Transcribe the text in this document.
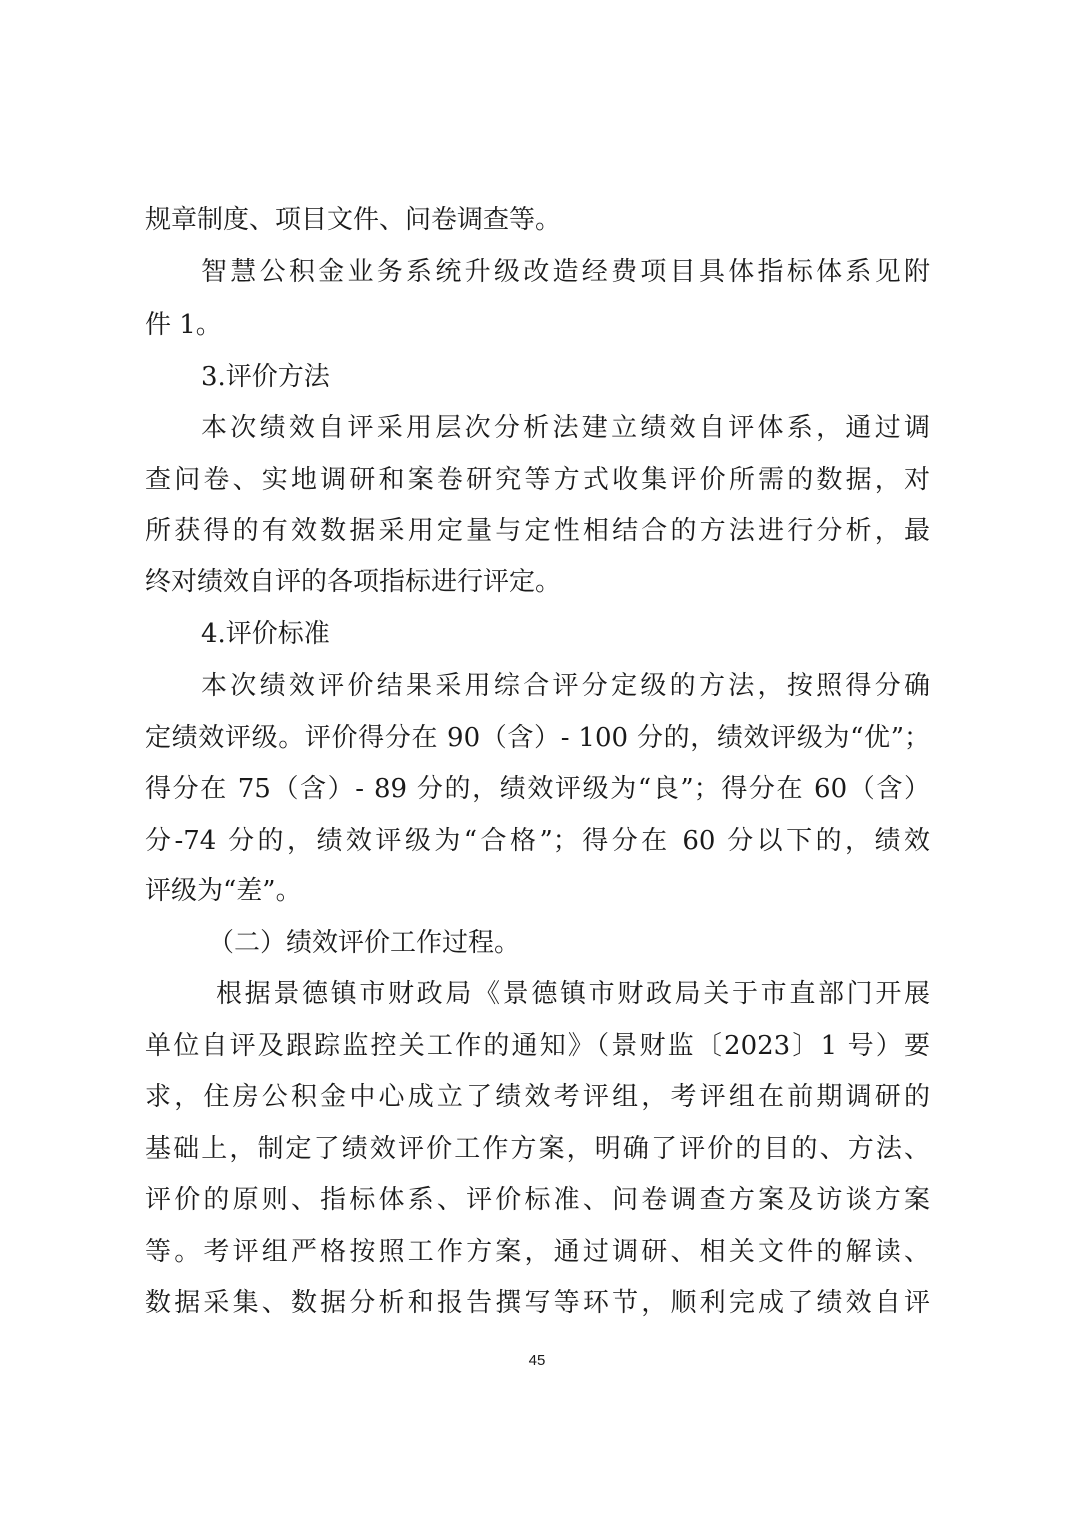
规章制度、项目文件、问卷调查等。
智慧公积金业务系统升级改造经费项目具体指标体系见附
件 1。
3.评价方法
本次绩效自评采用层次分析法建立绩效自评体系，通过调
查问卷、实地调研和案卷研究等方式收集评价所需的数据，对
所获得的有效数据采用定量与定性相结合的方法进行分析，最
终对绩效自评的各项指标进行评定。
4.评价标准
本次绩效评价结果采用综合评分定级的方法，按照得分确
定绩效评级。评价得分在 90（含）- 100 分的，绩效评级为“优”；
得分在 75（含）- 89 分的，绩效评级为“良”；得分在 60（含）
分-74 分的，绩效评级为“合格”；得分在 60 分以下的，绩效
评级为“差”。
（二）绩效评价工作过程。
根据景德镇市财政局《景德镇市财政局关于市直部门开展
单位自评及跟踪监控关工作的通知》（景财监〔2023〕1 号）要
求，住房公积金中心成立了绩效考评组，考评组在前期调研的
基础上，制定了绩效评价工作方案，明确了评价的目的、方法、
评价的原则、指标体系、评价标准、问卷调查方案及访谈方案
等。考评组严格按照工作方案，通过调研、相关文件的解读、
数据采集、数据分析和报告撰写等环节，顺利完成了绩效自评
45
